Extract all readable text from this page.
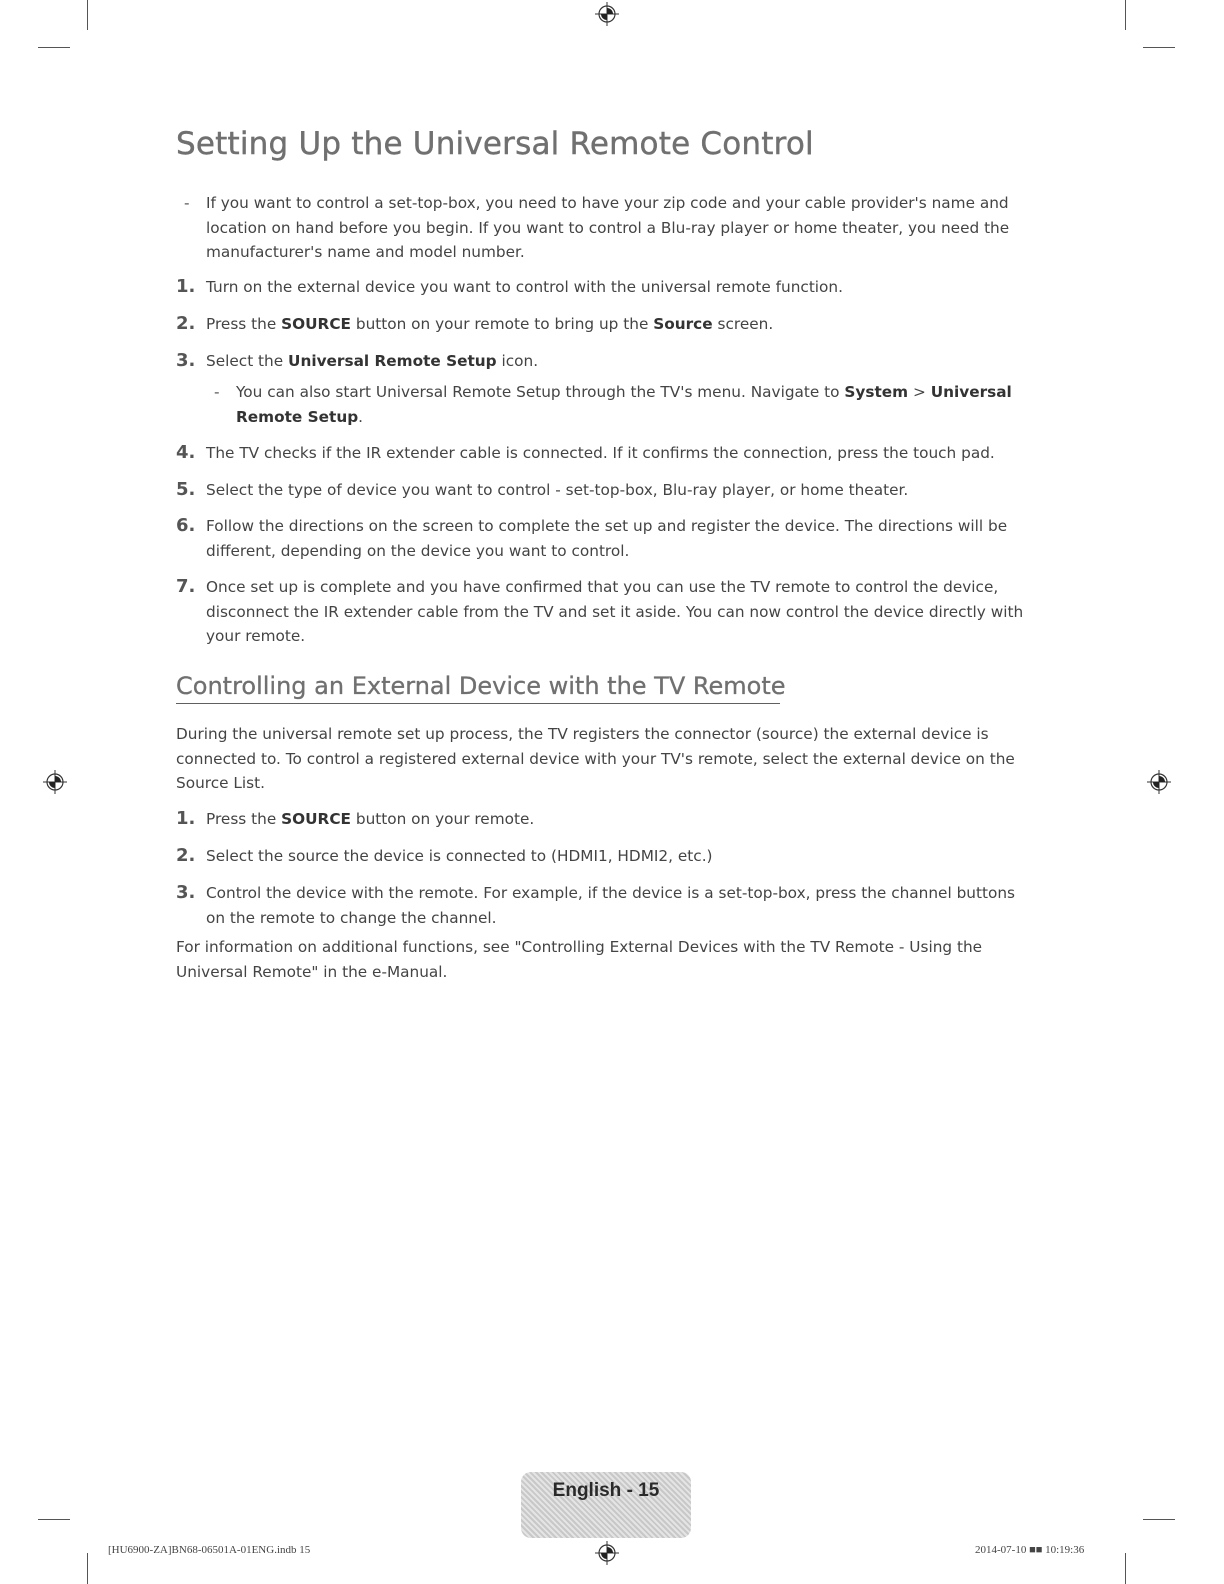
Setting Up the Universal Remote Control
-	If you want to control a set-top-box, you need to have your zip code and your cable provider's name and location on hand before you begin. If you want to control a Blu-ray player or home theater, you need the manufacturer's name and model number.
1. Turn on the external device you want to control with the universal remote function.
2. Press the SOURCE button on your remote to bring up the Source screen.
3. Select the Universal Remote Setup icon.
-	You can also start Universal Remote Setup through the TV's menu. Navigate to System > Universal Remote Setup.
4. The TV checks if the IR extender cable is connected. If it confirms the connection, press the touch pad.
5. Select the type of device you want to control - set-top-box, Blu-ray player, or home theater.
6. Follow the directions on the screen to complete the set up and register the device. The directions will be different, depending on the device you want to control.
7. Once set up is complete and you have confirmed that you can use the TV remote to control the device, disconnect the IR extender cable from the TV and set it aside. You can now control the device directly with your remote.
Controlling an External Device with the TV Remote
During the universal remote set up process, the TV registers the connector (source) the external device is connected to. To control a registered external device with your TV's remote, select the external device on the Source List.
1. Press the SOURCE button on your remote.
2. Select the source the device is connected to (HDMI1, HDMI2, etc.)
3. Control the device with the remote. For example, if the device is a set-top-box, press the channel buttons on the remote to change the channel.
For information on additional functions, see "Controlling External Devices with the TV Remote - Using the Universal Remote" in the e-Manual.
English - 15
[HU6900-ZA]BN68-06501A-01ENG.indb 15	2014-07-10 ■■ 10:19:36
